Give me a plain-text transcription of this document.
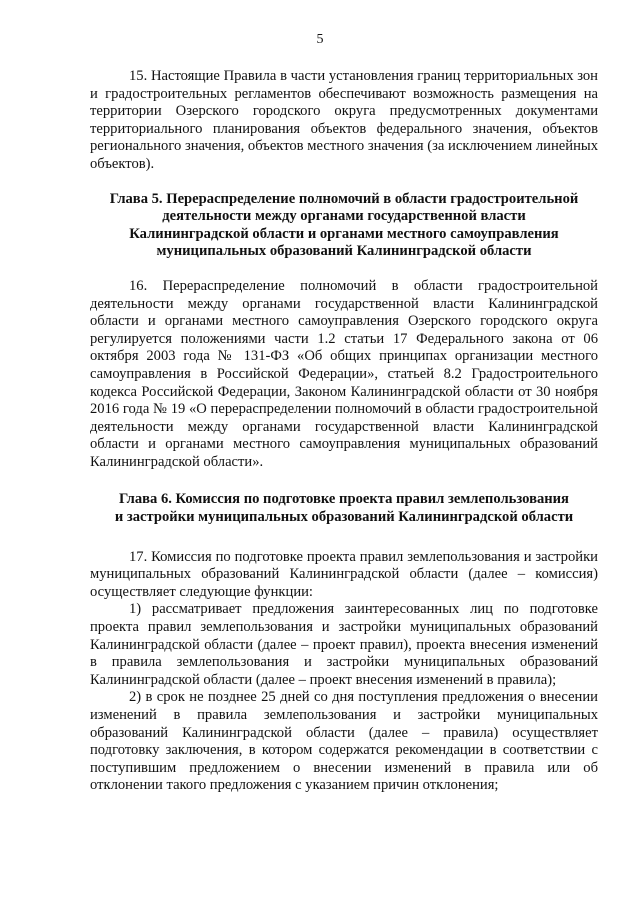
5

15. Настоящие Правила в части установления границ территориальных зон и градостроительных регламентов обеспечивают возможность размещения на территории Озерского городского округа предусмотренных документами территориального планирования объектов федерального значения, объектов регионального значения, объектов местного значения (за исключением линейных объектов).

Глава 5. Перераспределение полномочий в области градостроительной
деятельности между органами государственной власти
Калининградской области и органами местного самоуправления
муниципальных образований Калининградской области

16. Перераспределение полномочий в области градостроительной деятельности между органами государственной власти Калининградской области и органами местного самоуправления Озерского городского округа регулируется положениями части 1.2 статьи 17 Федерального закона от 06 октября 2003 года № 131-ФЗ «Об общих принципах организации местного самоуправления в Российской Федерации», статьей 8.2 Градостроительного кодекса Российской Федерации, Законом Калининградской области от 30 ноября 2016 года № 19 «О перераспределении полномочий в области градостроительной деятельности между органами государственной власти Калининградской области и органами местного самоуправления муниципальных образований Калининградской области».

Глава 6. Комиссия по подготовке проекта правил землепользования
и застройки муниципальных образований Калининградской области

17. Комиссия по подготовке проекта правил землепользования и застройки муниципальных образований Калининградской области (далее – комиссия) осуществляет следующие функции:

1) рассматривает предложения заинтересованных лиц по подготовке проекта правил землепользования и застройки муниципальных образований Калининградской области (далее – проект правил), проекта внесения изменений в правила землепользования и застройки муниципальных образований Калининградской области (далее – проект внесения изменений в правила);

2) в срок не позднее 25 дней со дня поступления предложения о внесении изменений в правила землепользования и застройки муниципальных образований Калининградской области (далее – правила) осуществляет подготовку заключения, в котором содержатся рекомендации в соответствии с поступившим предложением о внесении изменений в правила или об отклонении такого предложения с указанием причин отклонения;
